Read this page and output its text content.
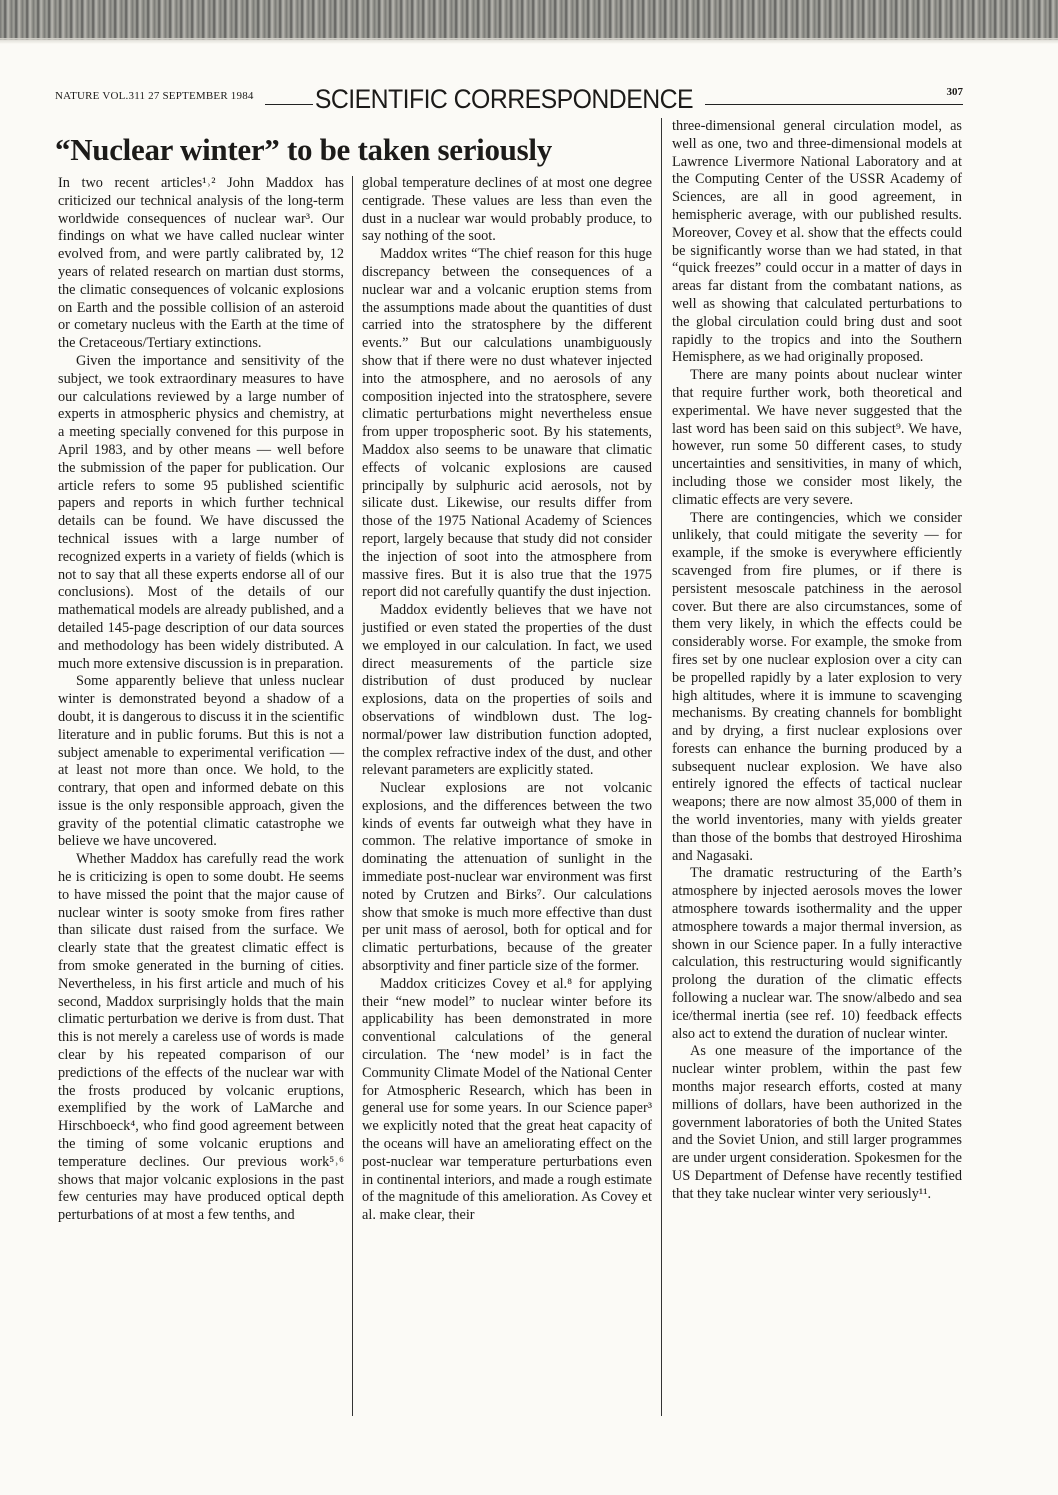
NATURE VOL.311 27 SEPTEMBER 1984 SCIENTIFIC CORRESPONDENCE	307
“Nuclear winter” to be taken seriously

In two recent articles¹˒² John Maddox has criticized our technical analysis of the long-term worldwide consequences of nuclear war³. Our findings on what we have called nuclear winter evolved from, and were partly calibrated by, 12 years of related research on martian dust storms, the climatic consequences of volcanic explosions on Earth and the possible collision of an asteroid or cometary nucleus with the Earth at the time of the Cretaceous/Tertiary extinctions.

Given the importance and sensitivity of the subject, we took extraordinary measures to have our calculations reviewed by a large number of experts in atmospheric physics and chemistry, at a meeting specially convened for this purpose in April 1983, and by other means — well before the submission of the paper for publication. Our article refers to some 95 published scientific papers and reports in which further technical details can be found. We have discussed the technical issues with a large number of recognized experts in a variety of fields (which is not to say that all these experts endorse all of our conclusions). Most of the details of our mathematical models are already published, and a detailed 145-page description of our data sources and methodology has been widely distributed. A much more extensive discussion is in preparation.

Some apparently believe that unless nuclear winter is demonstrated beyond a shadow of a doubt, it is dangerous to discuss it in the scientific literature and in public forums. But this is not a subject amenable to experimental verification — at least not more than once. We hold, to the contrary, that open and informed debate on this issue is the only responsible approach, given the gravity of the potential climatic catastrophe we believe we have uncovered.

Whether Maddox has carefully read the work he is criticizing is open to some doubt. He seems to have missed the point that the major cause of nuclear winter is sooty smoke from fires rather than silicate dust raised from the surface. We clearly state that the greatest climatic effect is from smoke generated in the burning of cities. Nevertheless, in his first article and much of his second, Maddox surprisingly holds that the main climatic perturbation we derive is from dust. That this is not merely a careless use of words is made clear by his repeated comparison of our predictions of the effects of the nuclear war with the frosts produced by volcanic eruptions, exemplified by the work of LaMarche and Hirschboeck⁴, who find good agreement between the timing of some volcanic eruptions and temperature declines. Our previous work⁵˒⁶ shows that major volcanic explosions in the past few centuries may have produced optical depth perturbations of at most a few tenths, and

global temperature declines of at most one degree centigrade. These values are less than even the dust in a nuclear war would probably produce, to say nothing of the soot.

Maddox writes “The chief reason for this huge discrepancy between the consequences of a nuclear war and a volcanic eruption stems from the assumptions made about the quantities of dust carried into the stratosphere by the different events.” But our calculations unambiguously show that if there were no dust whatever injected into the atmosphere, and no aerosols of any composition injected into the stratosphere, severe climatic perturbations might nevertheless ensue from upper tropospheric soot. By his statements, Maddox also seems to be unaware that climatic effects of volcanic explosions are caused principally by sulphuric acid aerosols, not by silicate dust. Likewise, our results differ from those of the 1975 National Academy of Sciences report, largely because that study did not consider the injection of soot into the atmosphere from massive fires. But it is also true that the 1975 report did not carefully quantify the dust injection.

Maddox evidently believes that we have not justified or even stated the properties of the dust we employed in our calculation. In fact, we used direct measurements of the particle size distribution of dust produced by nuclear explosions, data on the properties of soils and observations of windblown dust. The log-normal/power law distribution function adopted, the complex refractive index of the dust, and other relevant parameters are explicitly stated.

Nuclear explosions are not volcanic explosions, and the differences between the two kinds of events far outweigh what they have in common. The relative importance of smoke in dominating the attenuation of sunlight in the immediate post-nuclear war environment was first noted by Crutzen and Birks⁷. Our calculations show that smoke is much more effective than dust per unit mass of aerosol, both for optical and for climatic perturbations, because of the greater absorptivity and finer particle size of the former.

Maddox criticizes Covey et al.⁸ for applying their “new model” to nuclear winter before its applicability has been demonstrated in more conventional calculations of the general circulation. The ‘new model’ is in fact the Community Climate Model of the National Center for Atmospheric Research, which has been in general use for some years. In our Science paper³ we explicitly noted that the great heat capacity of the oceans will have an ameliorating effect on the post-nuclear war temperature perturbations even in continental interiors, and made a rough estimate of the magnitude of this amelioration. As Covey et al. make clear, their

three-dimensional general circulation model, as well as one, two and three-dimensional models at Lawrence Livermore National Laboratory and at the Computing Center of the USSR Academy of Sciences, are all in good agreement, in hemispheric average, with our published results. Moreover, Covey et al. show that the effects could be significantly worse than we had stated, in that “quick freezes” could occur in a matter of days in areas far distant from the combatant nations, as well as showing that calculated perturbations to the global circulation could bring dust and soot rapidly to the tropics and into the Southern Hemisphere, as we had originally proposed.

There are many points about nuclear winter that require further work, both theoretical and experimental. We have never suggested that the last word has been said on this subject⁹. We have, however, run some 50 different cases, to study uncertainties and sensitivities, in many of which, including those we consider most likely, the climatic effects are very severe.

There are contingencies, which we consider unlikely, that could mitigate the severity — for example, if the smoke is everywhere efficiently scavenged from fire plumes, or if there is persistent mesoscale patchiness in the aerosol cover. But there are also circumstances, some of them very likely, in which the effects could be considerably worse. For example, the smoke from fires set by one nuclear explosion over a city can be propelled rapidly by a later explosion to very high altitudes, where it is immune to scavenging mechanisms. By creating channels for bomblight and by drying, a first nuclear explosions over forests can enhance the burning produced by a subsequent nuclear explosion. We have also entirely ignored the effects of tactical nuclear weapons; there are now almost 35,000 of them in the world inventories, many with yields greater than those of the bombs that destroyed Hiroshima and Nagasaki.

The dramatic restructuring of the Earth’s atmosphere by injected aerosols moves the lower atmosphere towards isothermality and the upper atmosphere towards a major thermal inversion, as shown in our Science paper. In a fully interactive calculation, this restructuring would significantly prolong the duration of the climatic effects following a nuclear war. The snow/albedo and sea ice/thermal inertia (see ref. 10) feedback effects also act to extend the duration of nuclear winter.

As one measure of the importance of the nuclear winter problem, within the past few months major research efforts, costed at many millions of dollars, have been authorized in the government laboratories of both the United States and the Soviet Union, and still larger programmes are under urgent consideration. Spokesmen for the US Department of Defense have recently testified that they take nuclear winter very seriously¹¹.
